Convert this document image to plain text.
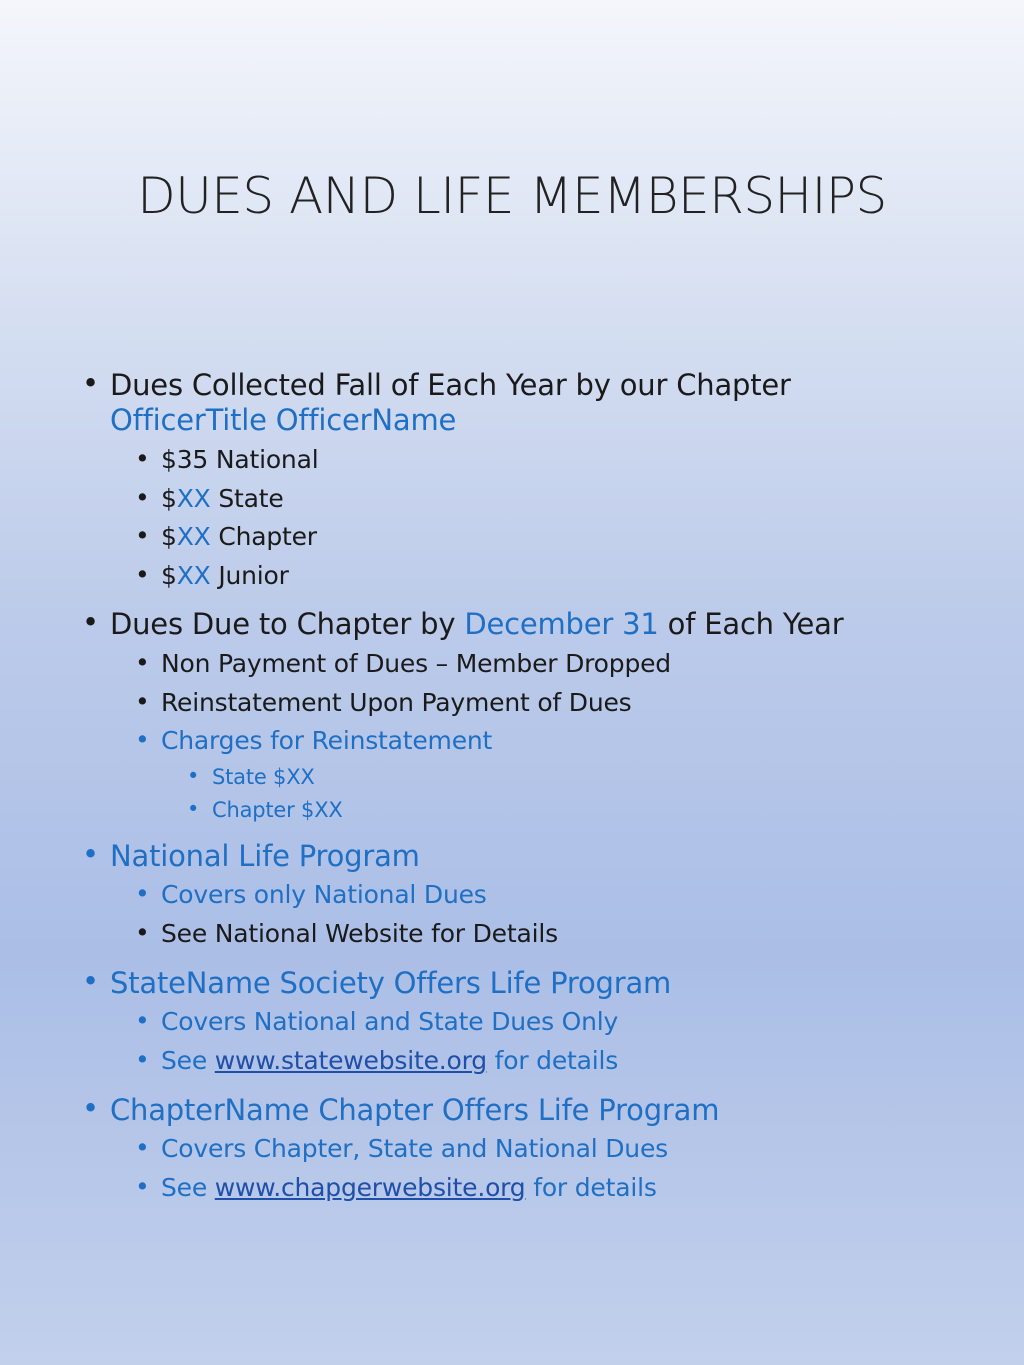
DUES AND LIFE MEMBERSHIPS
• Dues Collected Fall of Each Year by our Chapter
OfficerTitle OfficerName
• $35 National
• $XX State
• $XX Chapter
• $XX Junior
• Dues Due to Chapter by December 31 of Each Year
• Non Payment of Dues – Member Dropped
• Reinstatement Upon Payment of Dues
• Charges for Reinstatement
• State $XX
• Chapter $XX
• National Life Program
• Covers only National Dues
• See National Website for Details
• StateName Society Offers Life Program
• Covers National and State Dues Only
• See www.statewebsite.org for details
• ChapterName Chapter Offers Life Program
• Covers Chapter, State and National Dues
• See www.chapgerwebsite.org for details
